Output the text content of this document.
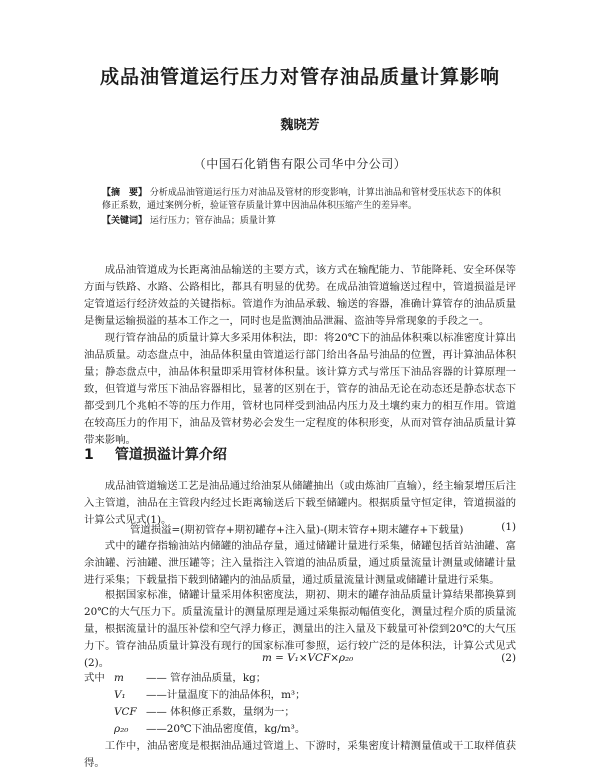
成品油管道运行压力对管存油品质量计算影响
魏晓芳
（中国石化销售有限公司华中分公司）
【摘　要】 分析成品油管道运行压力对油品及管材的形变影响，计算出油品和管材受压状态下的体积修正系数，通过案例分析，验证管存质量计算中因油品体积压缩产生的差异率。
【关键词】 运行压力；管存油品；质量计算

成品油管道成为长距离油品输送的主要方式，该方式在输配能力、节能降耗、安全环保等方面与铁路、水路、公路相比，都具有明显的优势。在成品油管道输送过程中，管道损溢是评定管道运行经济效益的关键指标。管道作为油品承载、输送的容器，准确计算管存的油品质量是衡量运输损溢的基本工作之一，同时也是监测油品泄漏、盗油等异常现象的手段之一。

现行管存油品的质量计算大多采用体积法，即：将20℃下的油品体积乘以标准密度计算出油品质量。动态盘点中，油品体积量由管道运行部门给出各品号油品的位置，再计算油品体积量；静态盘点中，油品体积量即采用管材体积量。该计算方式与常压下油品容器的计算原理一致，但管道与常压下油品容器相比，显著的区别在于，管存的油品无论在动态还是静态状态下都受到几个兆帕不等的压力作用，管材也同样受到油品内压力及土壤约束力的相互作用。管道在较高压力的作用下，油品及管材势必会发生一定程度的体积形变，从而对管存油品质量计算带来影响。

1 管道损溢计算介绍

成品油管道输送工艺是油品通过给油泵从储罐抽出（或由炼油厂直输），经主输泵增压后注入主管道，油品在主管段内经过长距离输送后下载至储罐内。根据质量守恒定律，管道损溢的计算公式见式(1)。

管道损溢=(期初管存+期初罐存+注入量)-(期末管存+期末罐存+下载量)	(1)

式中的罐存指输油站内储罐的油品存量，通过储罐计量进行采集，储罐包括首站油罐、富余油罐、污油罐、泄压罐等；注入量指注入管道的油品质量，通过质量流量计测量或储罐计量进行采集；下载量指下载到储罐内的油品质量，通过质量流量计测量或储罐计量进行采集。

根据国家标准，储罐计量采用体积密度法，期初、期末的罐存油品质量计算结果都换算到20℃的大气压力下。质量流量计的测量原理是通过采集振动幅值变化，测量过程介质的质量流量，根据流量计的温压补偿和空气浮力修正，测量出的注入量及下载量可补偿到20℃的大气压力下。管存油品质量计算没有现行的国家标准可参照，运行较广泛的是体积法，计算公式见式(2)。	m = V₁×VCF×ρ₂₀	(2)
式中 m	—— 管存油品质量，kg；
V₁	——计量温度下的油品体积，m³；
VCF —— 体积修正系数，量纲为一；
ρ₂₀	——20℃下油品密度值，kg/m³。

工作中，油品密度是根据油品通过管道上、下游时，采集密度计精测量值或干工取样值获得。
